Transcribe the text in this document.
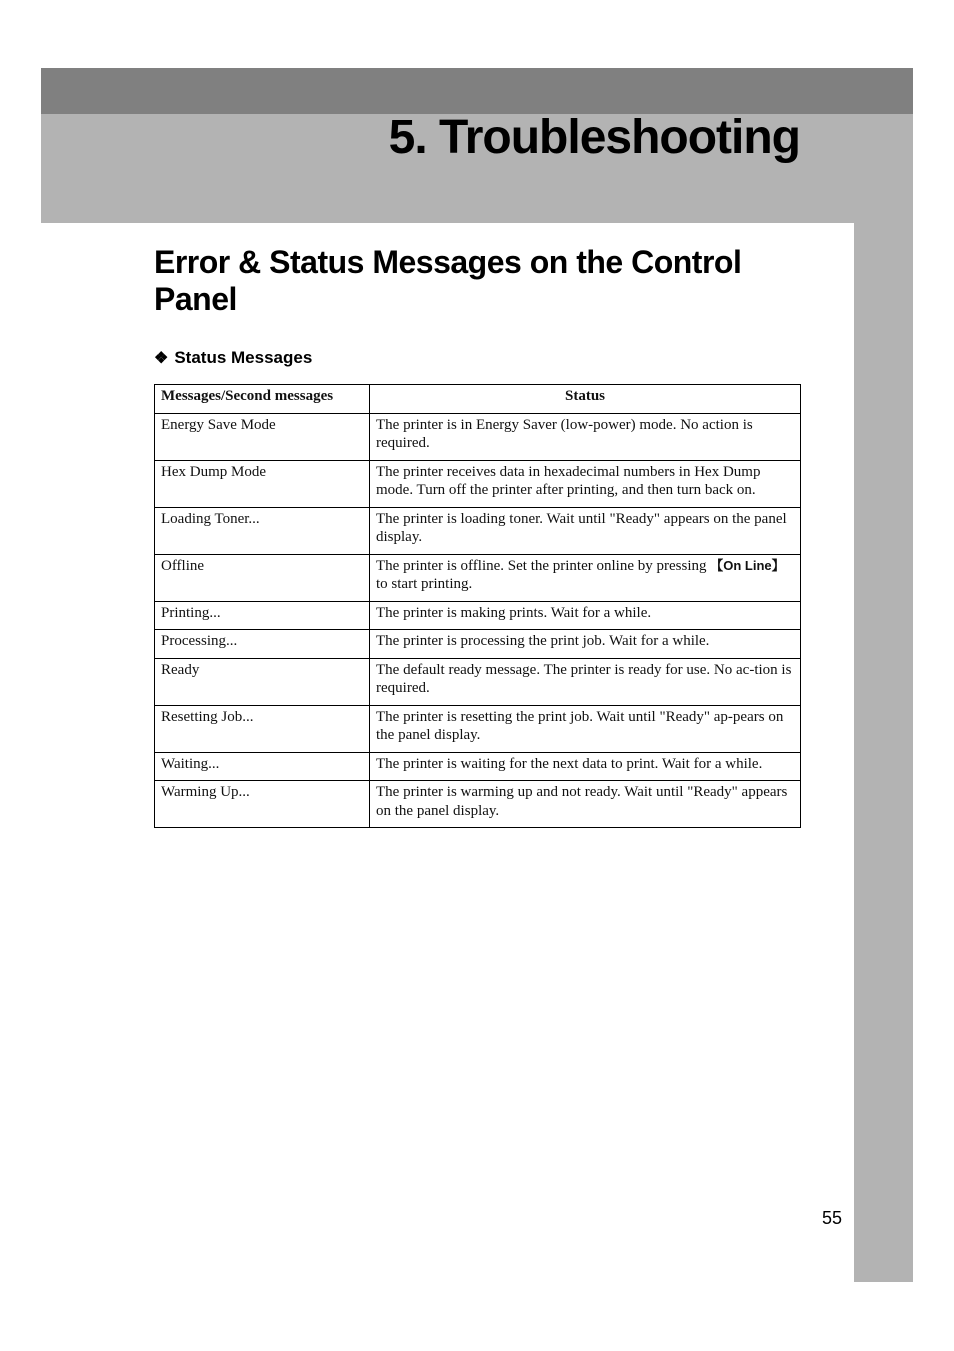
5. Troubleshooting
Error & Status Messages on the Control Panel
❖ Status Messages
Messages/Second messages	Status
Energy Save Mode	The printer is in Energy Saver (low-power) mode. No action is required.
Hex Dump Mode	The printer receives data in hexadecimal numbers in Hex Dump mode. Turn off the printer after printing, and then turn back on.
Loading Toner...	The printer is loading toner. Wait until "Ready" appears on the panel display.
Offline	The printer is offline. Set the printer online by pressing 【On Line】 to start printing.
Printing...	The printer is making prints. Wait for a while.
Processing...	The printer is processing the print job. Wait for a while.
Ready	The default ready message. The printer is ready for use. No ac-tion is required.
Resetting Job...	The printer is resetting the print job. Wait until "Ready" ap-pears on the panel display.
Waiting...	The printer is waiting for the next data to print. Wait for a while.
Warming Up...	The printer is warming up and not ready. Wait until "Ready" appears on the panel display.

55
